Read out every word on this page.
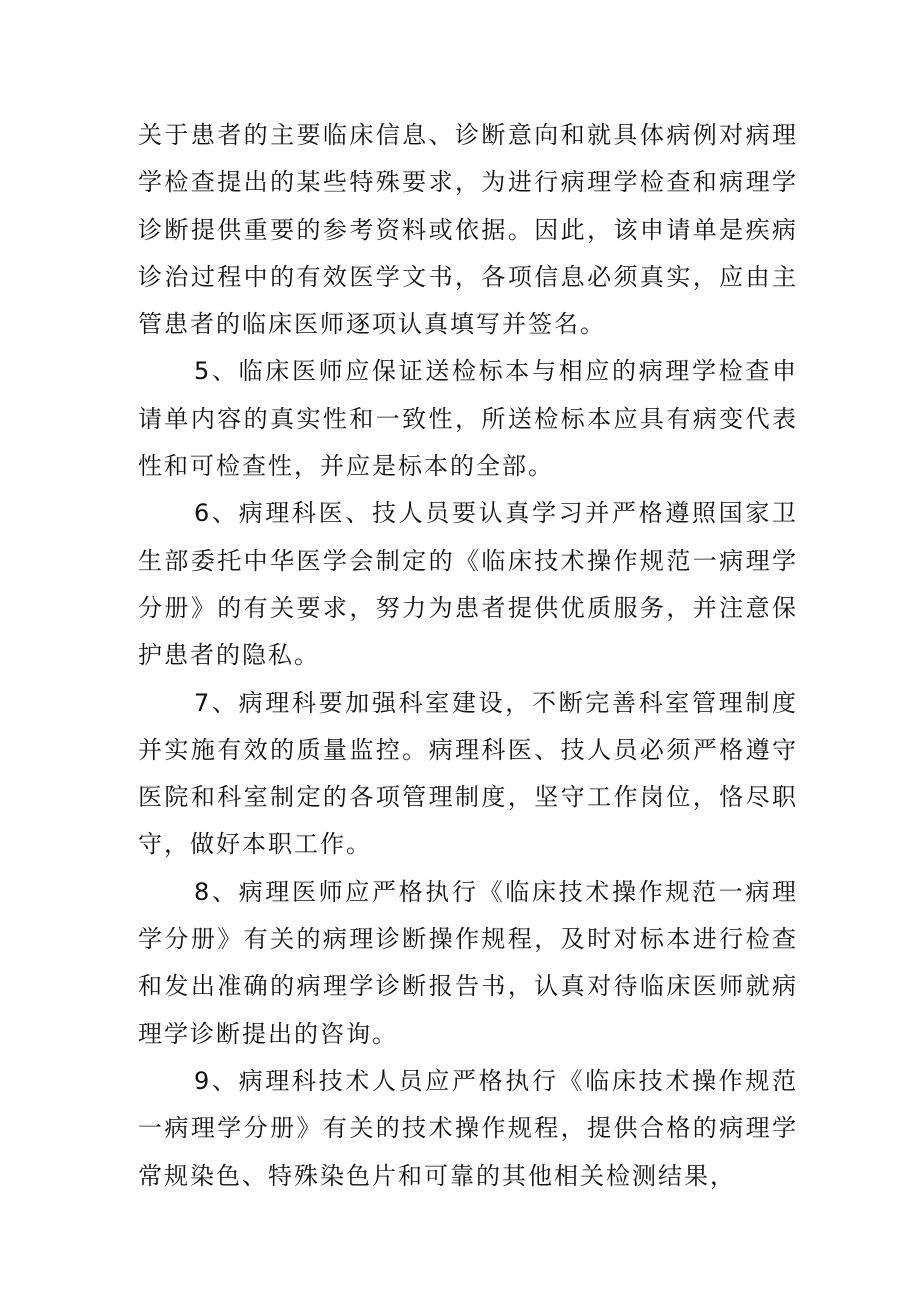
关于患者的主要临床信息、诊断意向和就具体病例对病理学检查提出的某些特殊要求，为进行病理学检查和病理学诊断提供重要的参考资料或依据。因此，该申请单是疾病诊治过程中的有效医学文书，各项信息必须真实，应由主管患者的临床医师逐项认真填写并签名。

5、临床医师应保证送检标本与相应的病理学检查申请单内容的真实性和一致性，所送检标本应具有病变代表性和可检查性，并应是标本的全部。

6、病理科医、技人员要认真学习并严格遵照国家卫生部委托中华医学会制定的《临床技术操作规范一病理学分册》的有关要求，努力为患者提供优质服务，并注意保护患者的隐私。

7、病理科要加强科室建设，不断完善科室管理制度并实施有效的质量监控。病理科医、技人员必须严格遵守医院和科室制定的各项管理制度，坚守工作岗位，恪尽职守，做好本职工作。

8、病理医师应严格执行《临床技术操作规范一病理学分册》有关的病理诊断操作规程，及时对标本进行检查和发出准确的病理学诊断报告书，认真对待临床医师就病理学诊断提出的咨询。

9、病理科技术人员应严格执行《临床技术操作规范一病理学分册》有关的技术操作规程，提供合格的病理学常规染色、特殊染色片和可靠的其他相关检测结果，
